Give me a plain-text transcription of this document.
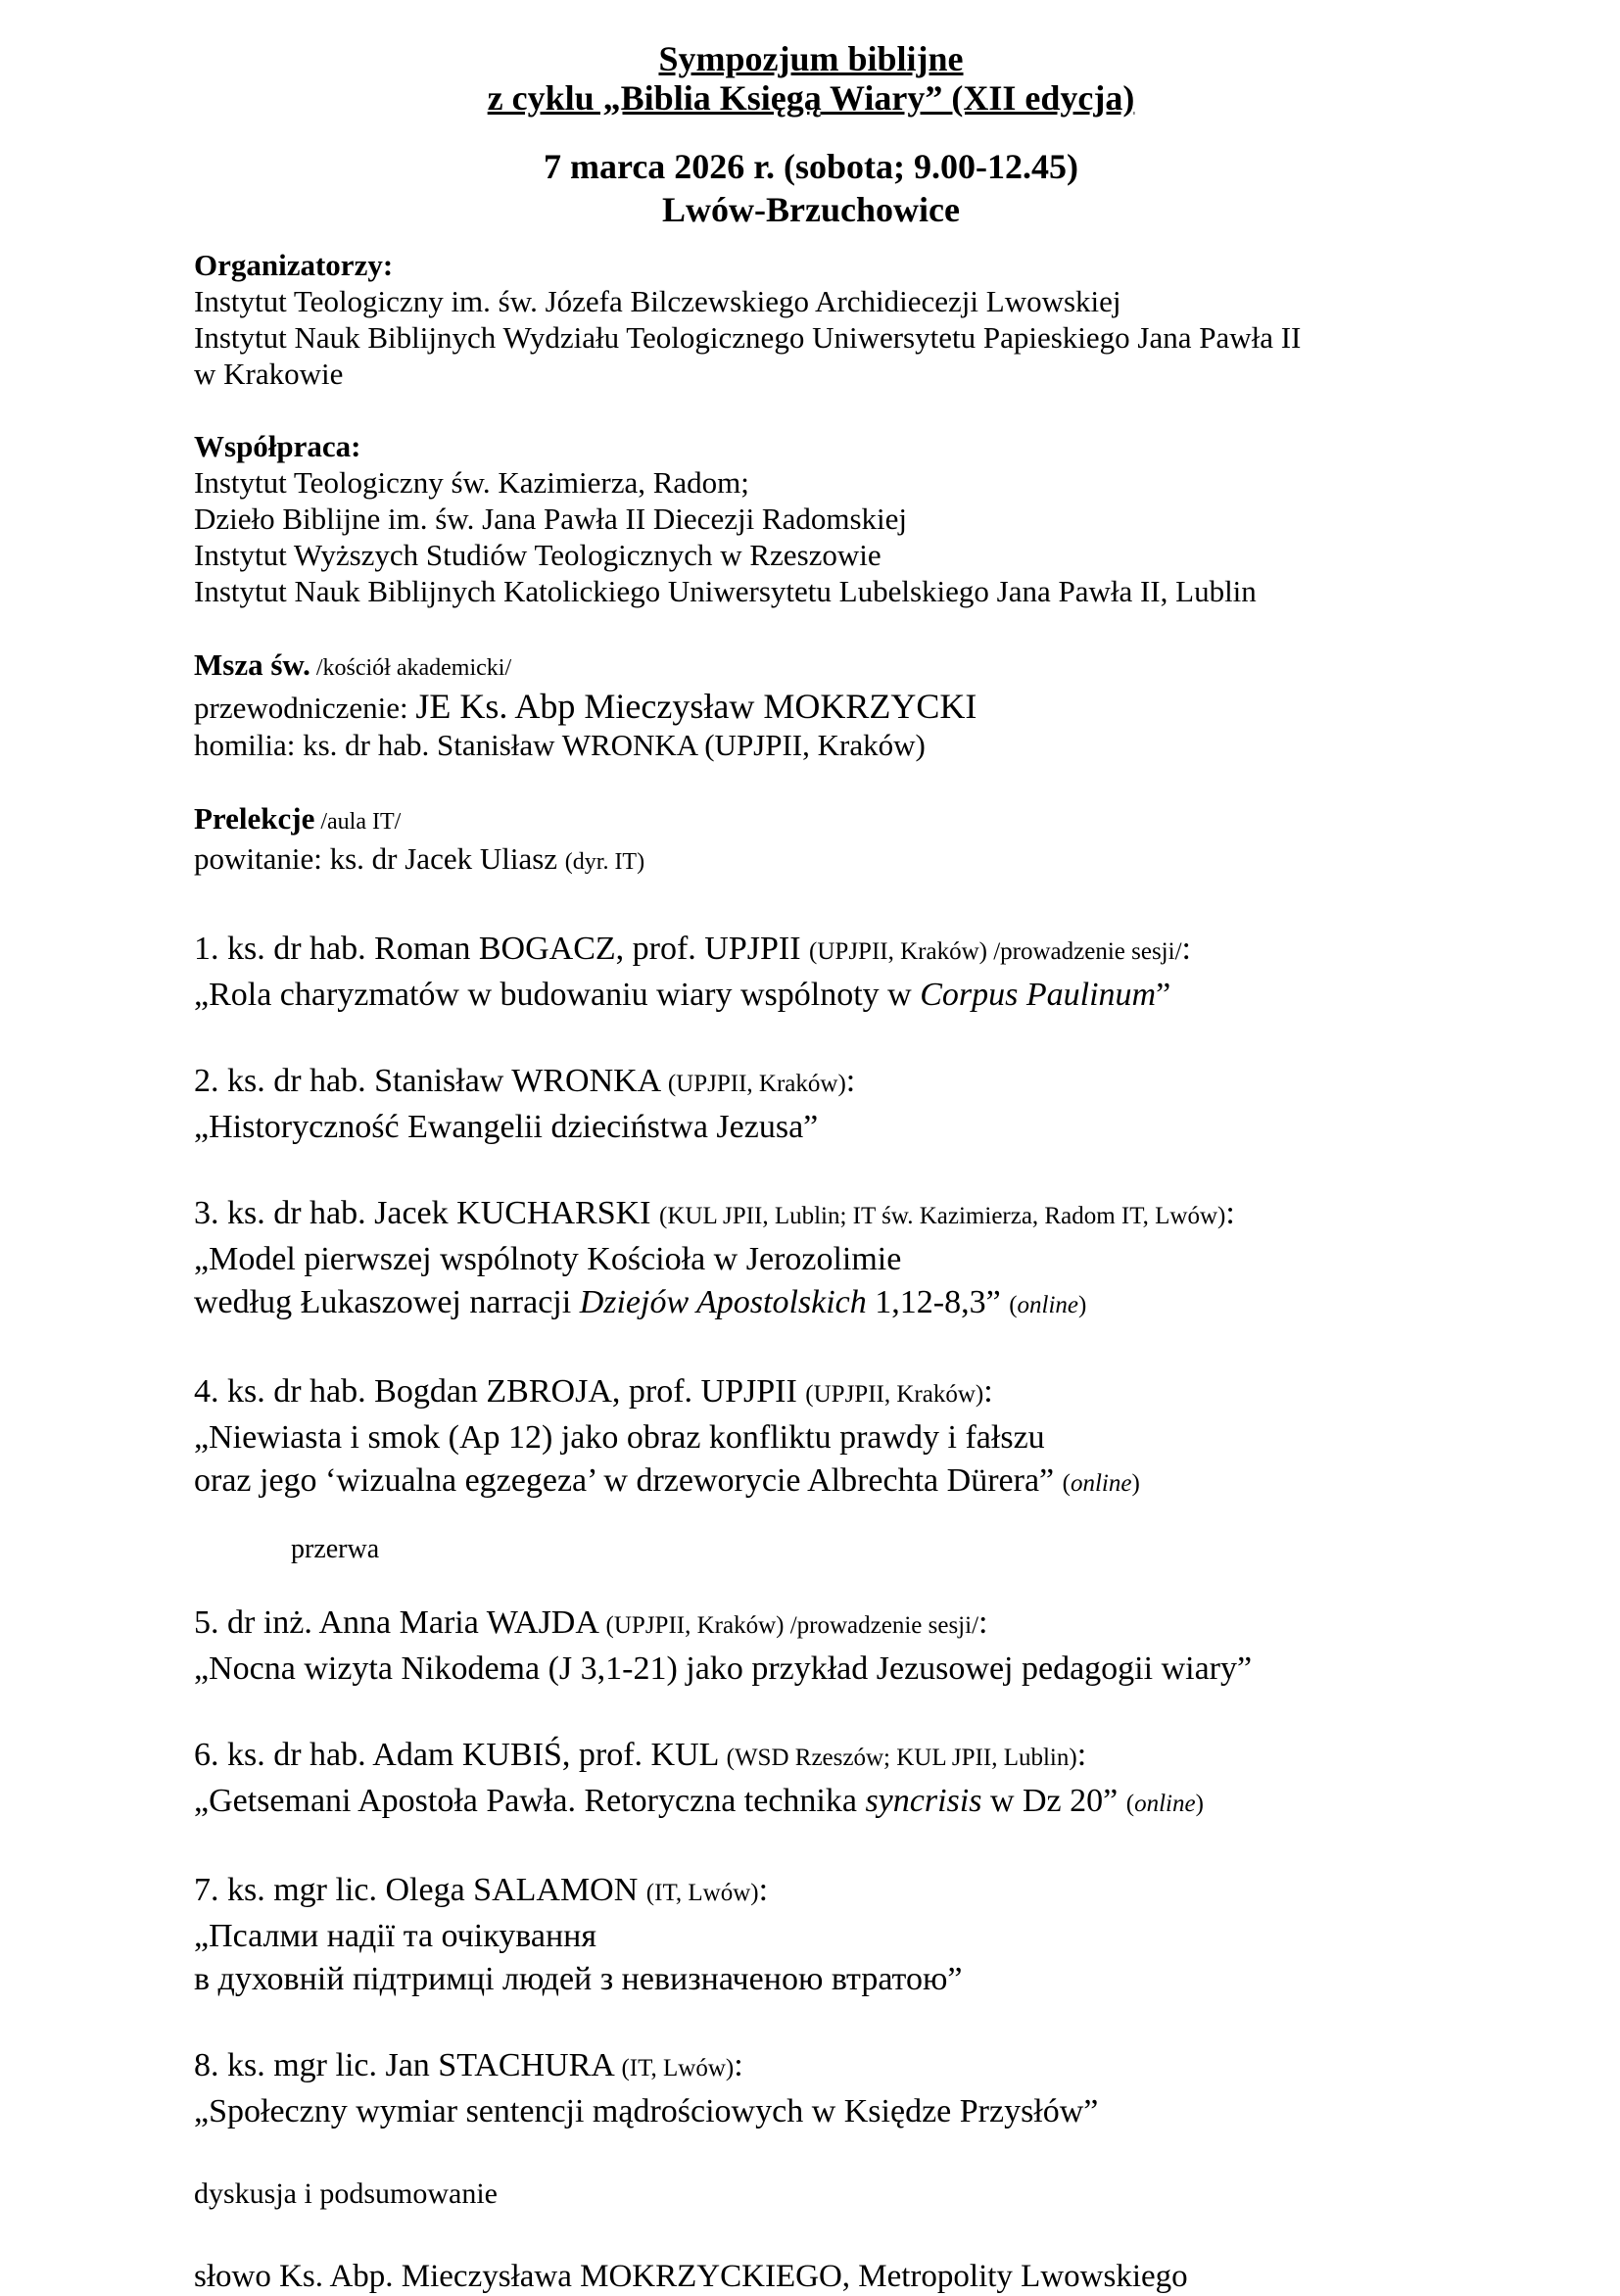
Sympozjum biblijne
z cyklu „Biblia Księgą Wiary” (XII edycja)
7 marca 2026 r. (sobota; 9.00-12.45)
Lwów-Brzuchowice
Organizatorzy:
Instytut Teologiczny im. św. Józefa Bilczewskiego Archidiecezji Lwowskiej
Instytut Nauk Biblijnych Wydziału Teologicznego Uniwersytetu Papieskiego Jana Pawła II
w Krakowie
Współpraca:
Instytut Teologiczny św. Kazimierza, Radom;
Dzieło Biblijne im. św. Jana Pawła II Diecezji Radomskiej
Instytut Wyższych Studiów Teologicznych w Rzeszowie
Instytut Nauk Biblijnych Katolickiego Uniwersytetu Lubelskiego Jana Pawła II, Lublin
Msza św. /kościół akademicki/
przewodniczenie: JE Ks. Abp Mieczysław MOKRZYCKI
homilia: ks. dr hab. Stanisław WRONKA (UPJPII, Kraków)
Prelekcje /aula IT/
powitanie: ks. dr Jacek Uliasz (dyr. IT)
1. ks. dr hab. Roman BOGACZ, prof. UPJPII (UPJPII, Kraków) /prowadzenie sesji/:
„Rola charyzmatów w budowaniu wiary wspólnoty w Corpus Paulinum”
2. ks. dr hab. Stanisław WRONKA (UPJPII, Kraków):
„Historyczność Ewangelii dzieciństwa Jezusa”
3. ks. dr hab. Jacek KUCHARSKI (KUL JPII, Lublin; IT św. Kazimierza, Radom IT, Lwów):
„Model pierwszej wspólnoty Kościoła w Jerozolimie
według Łukaszowej narracji Dziejów Apostolskich 1,12-8,3” (online)
4. ks. dr hab. Bogdan ZBROJA, prof. UPJPII (UPJPII, Kraków):
„Niewiasta i smok (Ap 12) jako obraz konfliktu prawdy i fałszu
oraz jego ‘wizualna egzegeza’ w drzeworycie Albrechta Dürera” (online)
przerwa
5. dr inż. Anna Maria WAJDA (UPJPII, Kraków) /prowadzenie sesji/:
„Nocna wizyta Nikodema (J 3,1-21) jako przykład Jezusowej pedagogii wiary”
6. ks. dr hab. Adam KUBIŚ, prof. KUL (WSD Rzeszów; KUL JPII, Lublin):
„Getsemani Apostoła Pawła. Retoryczna technika syncrisis w Dz 20” (online)
7. ks. mgr lic. Olega SALAMON (IT, Lwów):
„Псалми надії та очікування
в духовній підтримці людей з невизначеною втратою”
8. ks. mgr lic. Jan STACHURA (IT, Lwów):
„Społeczny wymiar sentencji mądrościowych w Księdze Przysłów”
dyskusja i podsumowanie
słowo Ks. Abp. Mieczysława MOKRZYCKIEGO, Metropolity Lwowskiego
